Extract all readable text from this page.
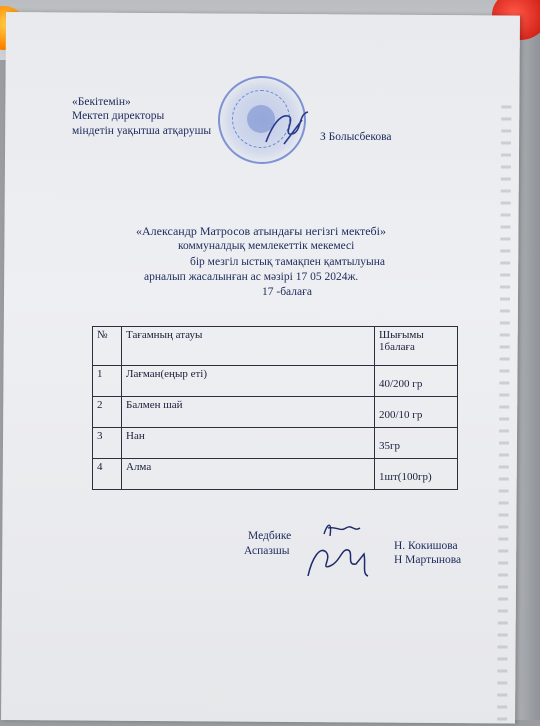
«Бекітемін»
Мектеп директоры
міндетін уақытша атқарушы	З Болысбекова
«Александр Матросов атындағы негізгі мектебі»
коммуналдық мемлекеттік мекемесі
бір мезгіл ыстық тамақпен қамтылуына
арналып жасалынған ас мәзірі 17 05 2024ж.
17 -балаға
№	Тағамның атауы	Шығымы 1балаға
1	Лағман(еңыр еті)	40/200 гр

2	Балмен шай	200/10 гр

3	Нан	35гр

4	Алма	1шт(100гр)
Медбике
Аспазшы	Н. Кокишова
Н Мартынова
